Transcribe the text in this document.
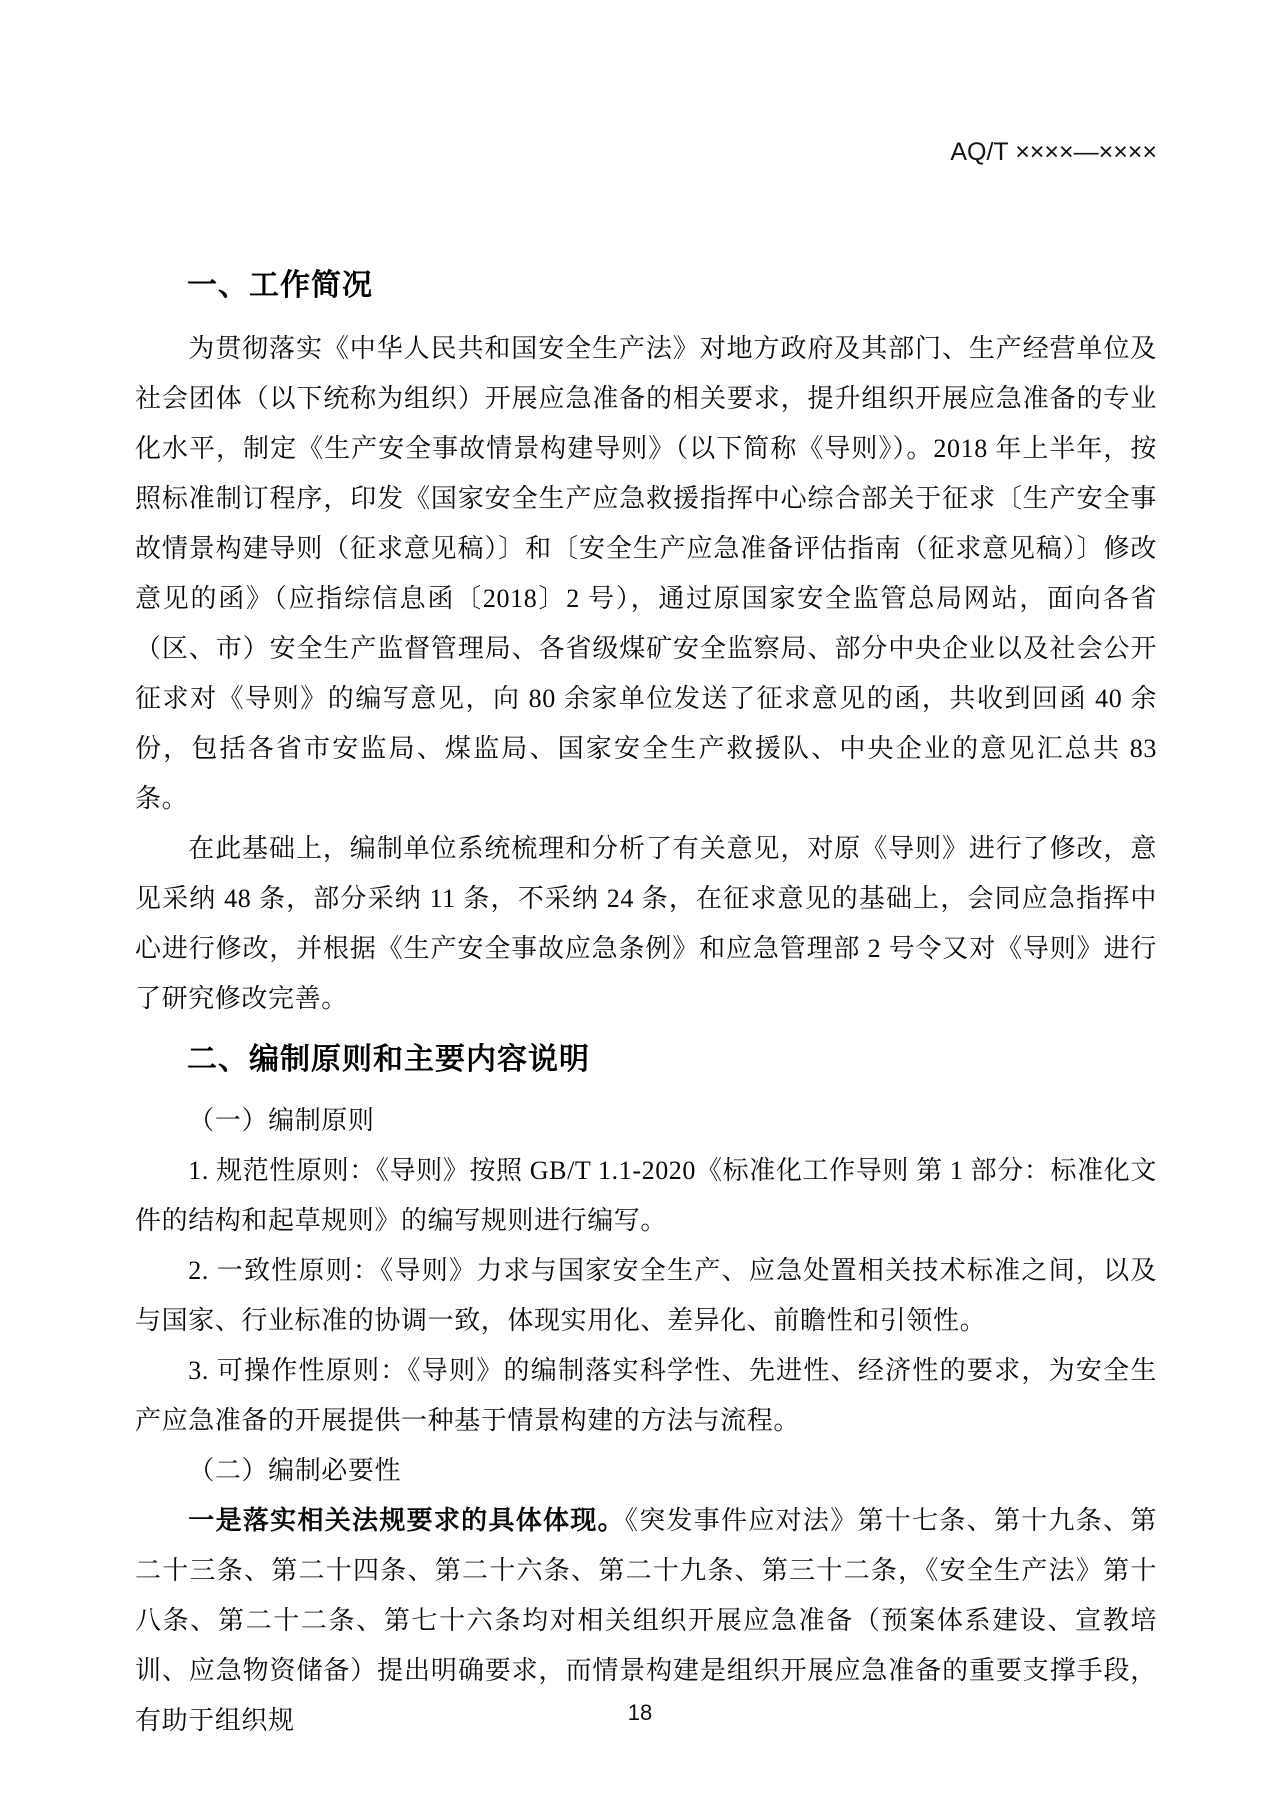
AQ/T ××××—××××
一、工作简况

为贯彻落实《中华人民共和国安全生产法》对地方政府及其部门、生产经营单位及社会团体（以下统称为组织）开展应急准备的相关要求，提升组织开展应急准备的专业化水平，制定《生产安全事故情景构建导则》（以下简称《导则》）。2018 年上半年，按照标准制订程序，印发《国家安全生产应急救援指挥中心综合部关于征求〔生产安全事故情景构建导则（征求意见稿）〕和〔安全生产应急准备评估指南（征求意见稿）〕修改意见的函》（应指综信息函〔2018〕2 号），通过原国家安全监管总局网站，面向各省（区、市）安全生产监督管理局、各省级煤矿安全监察局、部分中央企业以及社会公开征求对《导则》的编写意见，向 80 余家单位发送了征求意见的函，共收到回函 40 余份，包括各省市安监局、煤监局、国家安全生产救援队、中央企业的意见汇总共 83 条。

在此基础上，编制单位系统梳理和分析了有关意见，对原《导则》进行了修改，意见采纳 48 条，部分采纳 11 条，不采纳 24 条，在征求意见的基础上，会同应急指挥中心进行修改，并根据《生产安全事故应急条例》和应急管理部 2 号令又对《导则》进行了研究修改完善。

二、编制原则和主要内容说明

（一）编制原则

1. 规范性原则：《导则》按照 GB/T 1.1-2020《标准化工作导则 第 1 部分：标准化文件的结构和起草规则》的编写规则进行编写。

2. 一致性原则：《导则》力求与国家安全生产、应急处置相关技术标准之间，以及与国家、行业标准的协调一致，体现实用化、差异化、前瞻性和引领性。

3. 可操作性原则：《导则》的编制落实科学性、先进性、经济性的要求，为安全生产应急准备的开展提供一种基于情景构建的方法与流程。

（二）编制必要性

一是落实相关法规要求的具体体现。《突发事件应对法》第十七条、第十九条、第二十三条、第二十四条、第二十六条、第二十九条、第三十二条，《安全生产法》第十八条、第二十二条、第七十六条均对相关组织开展应急准备（预案体系建设、宣教培训、应急物资储备）提出明确要求，而情景构建是组织开展应急准备的重要支撑手段，有助于组织规	18
